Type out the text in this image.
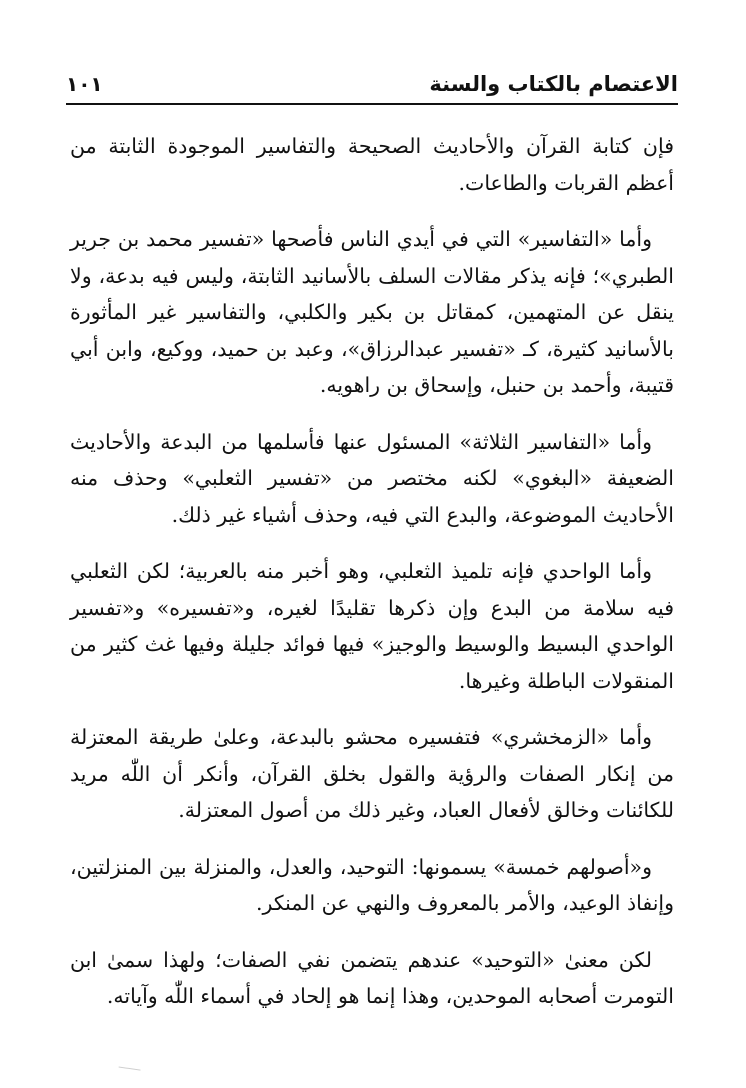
الاعتصام بالكتاب والسنة
١٠١

فإن كتابة القرآن والأحاديث الصحيحة والتفاسير الموجودة الثابتة من أعظم القربات والطاعات.

وأما «التفاسير» التي في أيدي الناس فأصحها «تفسير محمد بن جرير الطبري»؛ فإنه يذكر مقالات السلف بالأسانيد الثابتة، وليس فيه بدعة، ولا ينقل عن المتهمين، كمقاتل بن بكير والكلبي، والتفاسير غير المأثورة بالأسانيد كثيرة، كـ «تفسير عبدالرزاق»، وعبد بن حميد، ووكيع، وابن أبي قتيبة، وأحمد بن حنبل، وإسحاق بن راهويه.

وأما «التفاسير الثلاثة» المسئول عنها فأسلمها من البدعة والأحاديث الضعيفة «البغوي» لكنه مختصر من «تفسير الثعلبي» وحذف منه الأحاديث الموضوعة، والبدع التي فيه، وحذف أشياء غير ذلك.

وأما الواحدي فإنه تلميذ الثعلبي، وهو أخبر منه بالعربية؛ لكن الثعلبي فيه سلامة من البدع وإن ذكرها تقليدًا لغيره، و«تفسيره» و«تفسير الواحدي البسيط والوسيط والوجيز» فيها فوائد جليلة وفيها غث كثير من المنقولات الباطلة وغيرها.

وأما «الزمخشري» فتفسيره محشو بالبدعة، وعلىٰ طريقة المعتزلة من إنكار الصفات والرؤية والقول بخلق القرآن، وأنكر أن اللّٰه مريد للكائنات وخالق لأفعال العباد، وغير ذلك من أصول المعتزلة.

و«أصولهم خمسة» يسمونها: التوحيد، والعدل، والمنزلة بين المنزلتين، وإنفاذ الوعيد، والأمر بالمعروف والنهي عن المنكر.

لكن معنىٰ «التوحيد» عندهم يتضمن نفي الصفات؛ ولهذا سمىٰ ابن التومرت أصحابه الموحدين، وهذا إنما هو إلحاد في أسماء اللّٰه وآياته.
